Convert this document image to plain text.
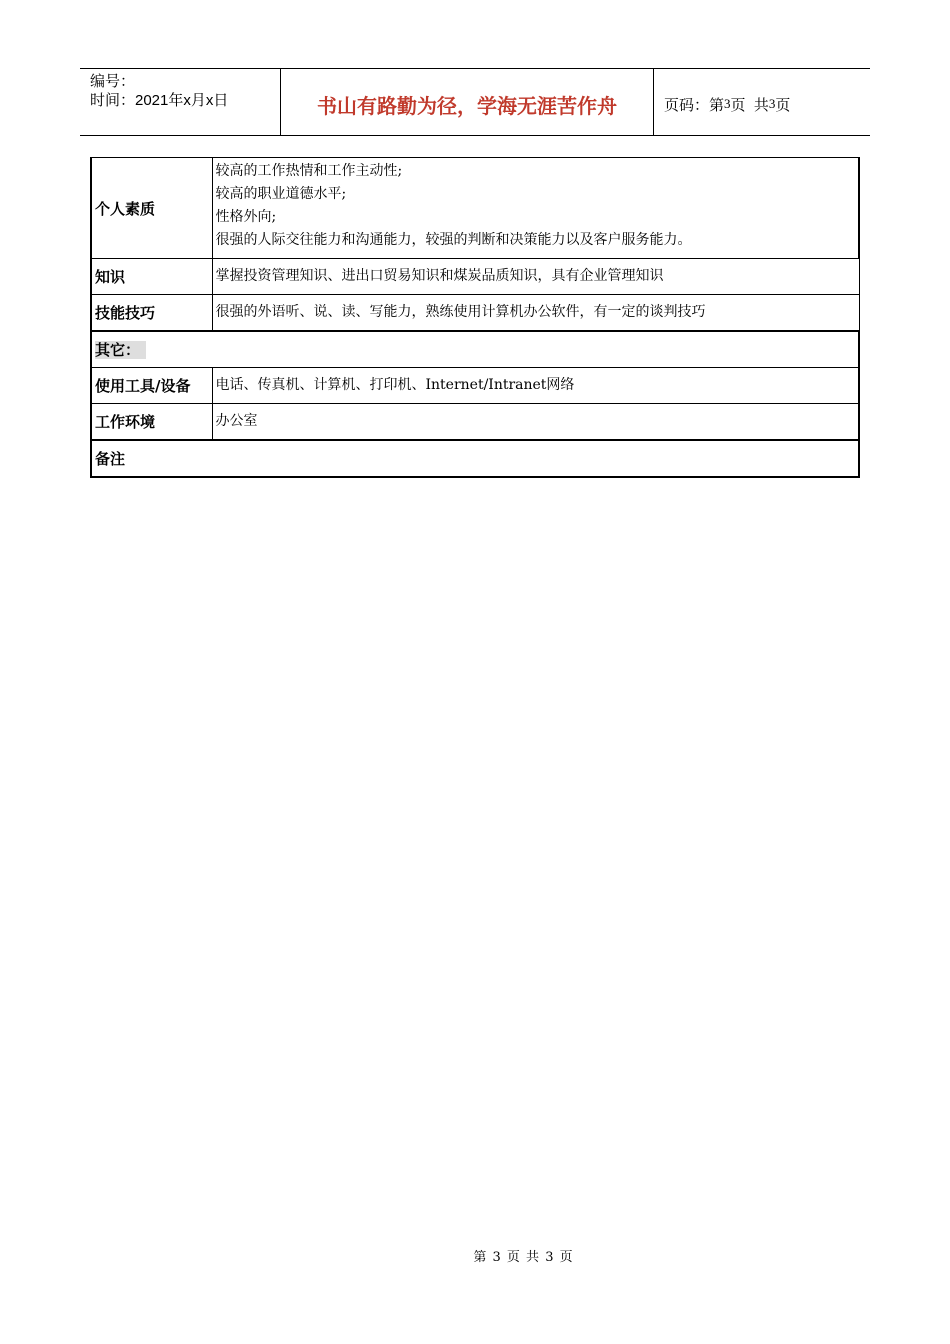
编号：
时间：2021年x月x日	书山有路勤为径，学海无涯苦作舟	页码：第 3 页  共 3 页
个人素质	较高的工作热情和工作主动性;
较高的职业道德水平;
性格外向;
很强的人际交往能力和沟通能力，较强的判断和决策能力以及客户服务能力。

知识	掌握投资管理知识、进出口贸易知识和煤炭品质知识，具有企业管理知识
技能技巧	很强的外语听、说、读、写能力，熟练使用计算机办公软件，有一定的谈判技巧
其它：	
使用工具/设备	电话、传真机、计算机、打印机、Internet/Intranet网络
工作环境	办公室
备注	
第 3 页 共 3 页
